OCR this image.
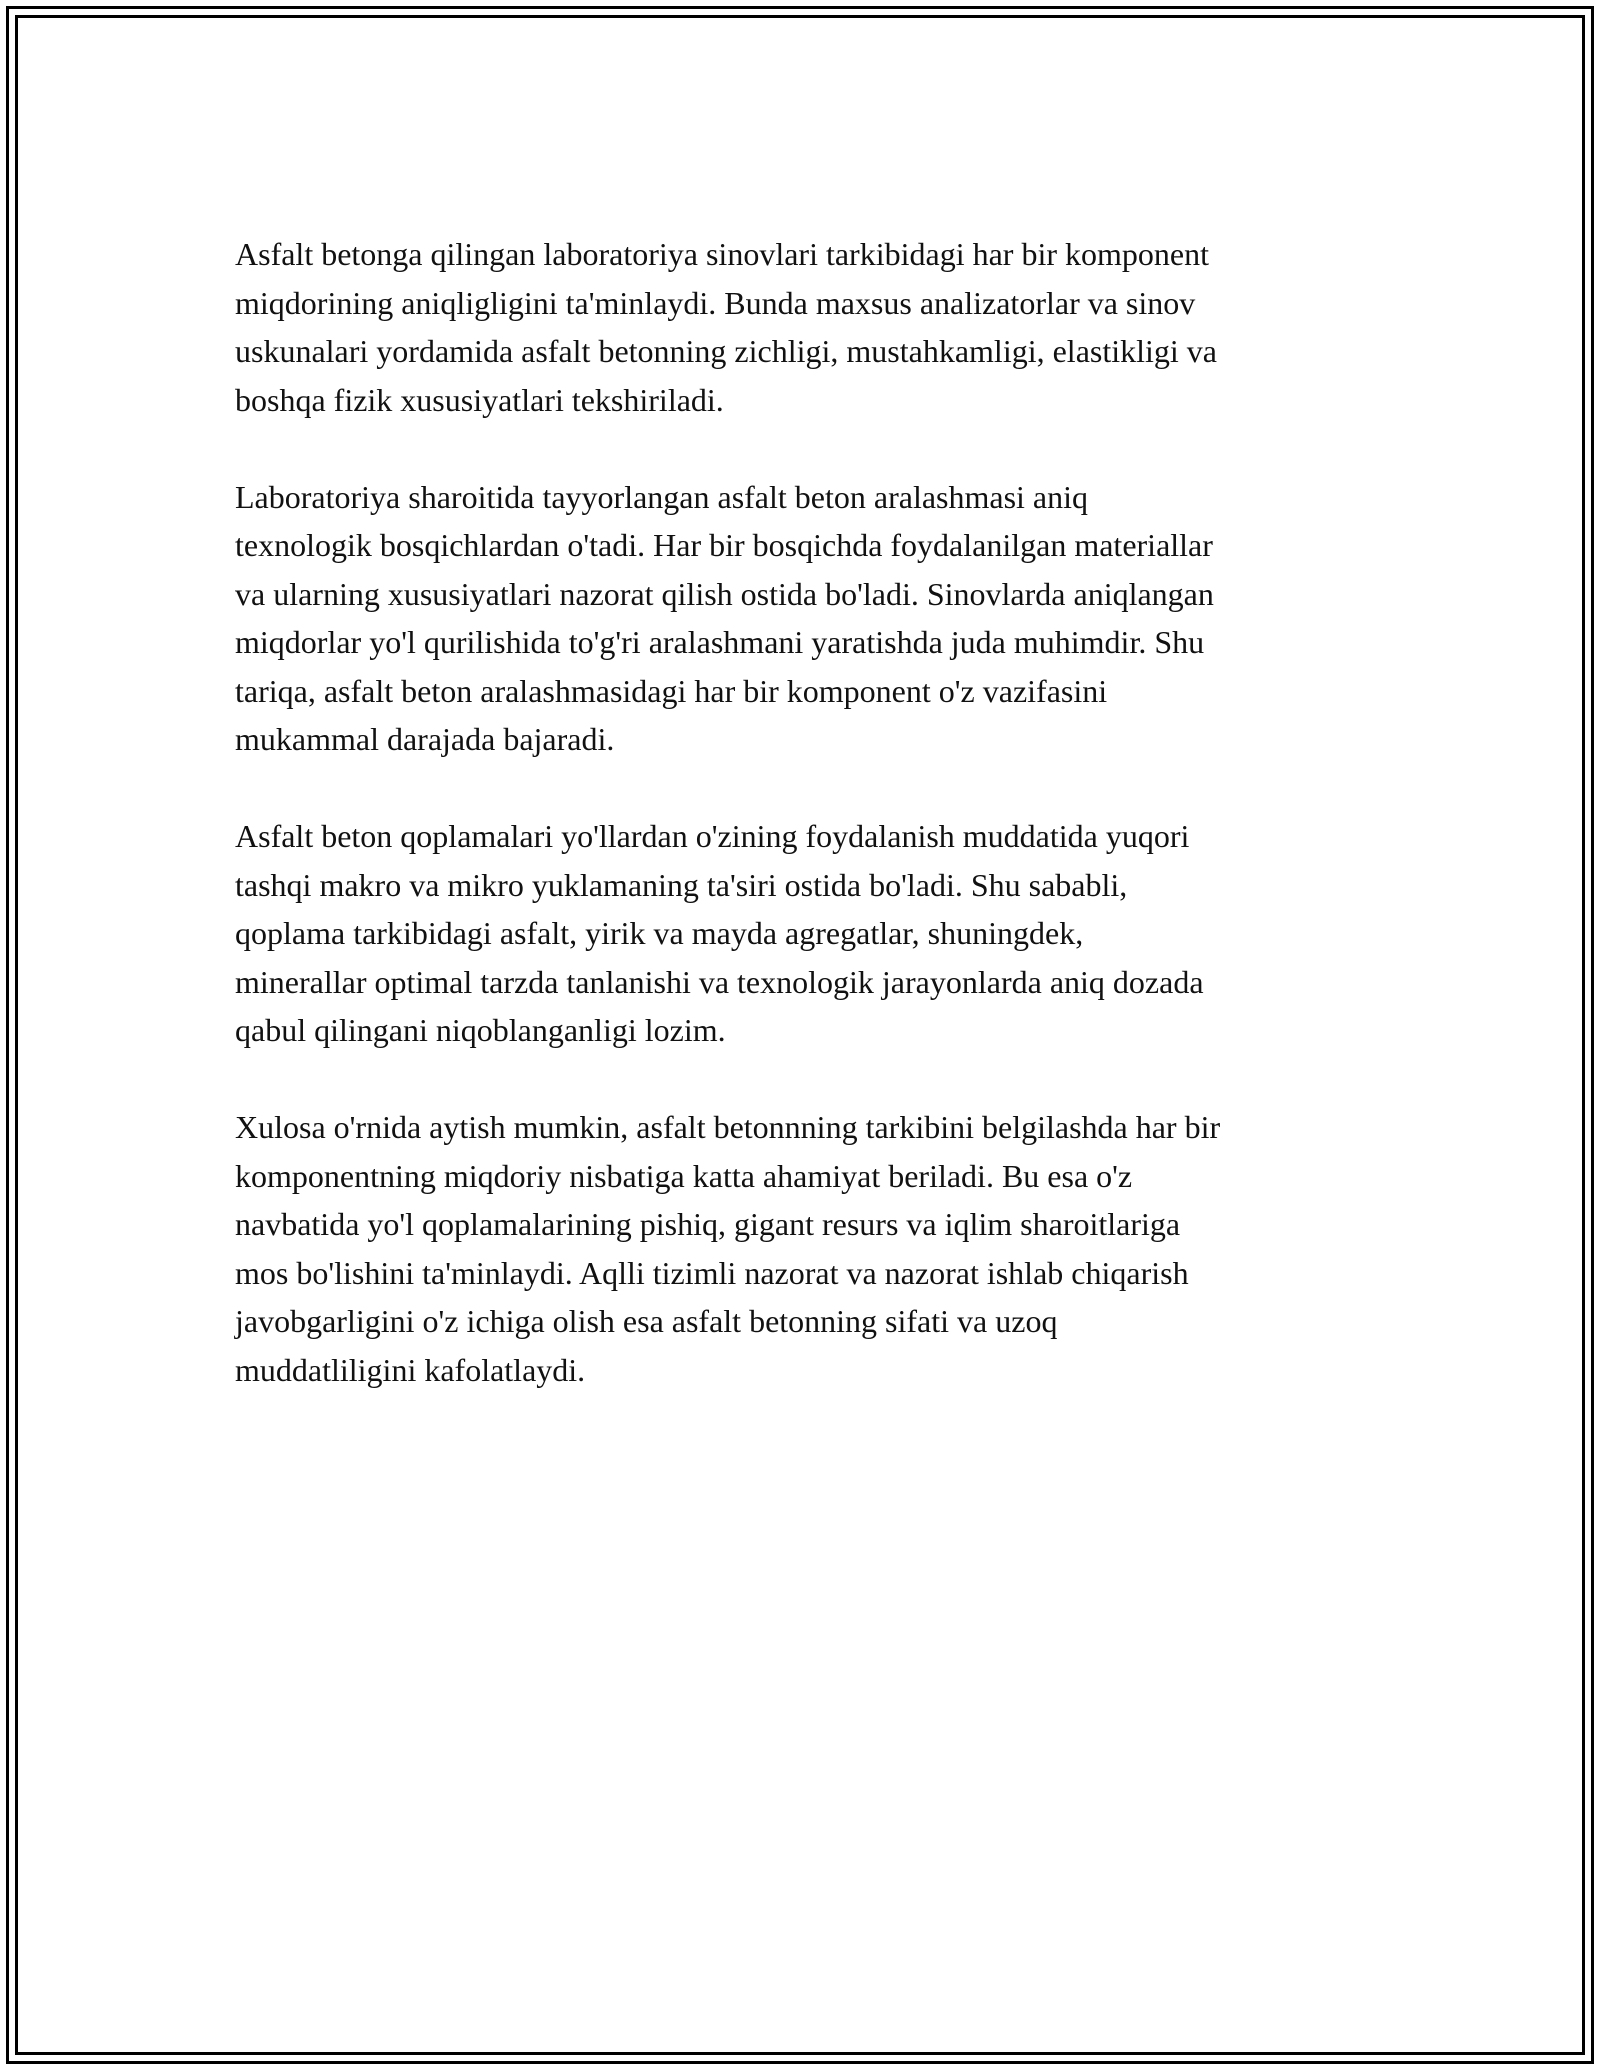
Asfalt betonga qilingan laboratoriya sinovlari tarkibidagi har bir komponent
miqdorining aniqligligini ta'minlaydi. Bunda maxsus analizatorlar va sinov
uskunalari yordamida asfalt betonning zichligi, mustahkamligi, elastikligi va
boshqa fizik xususiyatlari tekshiriladi.

Laboratoriya sharoitida tayyorlangan asfalt beton aralashmasi aniq
texnologik bosqichlardan o'tadi. Har bir bosqichda foydalanilgan materiallar
va ularning xususiyatlari nazorat qilish ostida bo'ladi. Sinovlarda aniqlangan
miqdorlar yo'l qurilishida to'g'ri aralashmani yaratishda juda muhimdir. Shu
tariqa, asfalt beton aralashmasidagi har bir komponent o'z vazifasini
mukammal darajada bajaradi.

Asfalt beton qoplamalari yo'llardan o'zining foydalanish muddatida yuqori
tashqi makro va mikro yuklamaning ta'siri ostida bo'ladi. Shu sababli,
qoplama tarkibidagi asfalt, yirik va mayda agregatlar, shuningdek,
minerallar optimal tarzda tanlanishi va texnologik jarayonlarda aniq dozada
qabul qilingani niqoblanganligi lozim.

Xulosa o'rnida aytish mumkin, asfalt betonnning tarkibini belgilashda har bir
komponentning miqdoriy nisbatiga katta ahamiyat beriladi. Bu esa o'z
navbatida yo'l qoplamalarining pishiq, gigant resurs va iqlim sharoitlariga
mos bo'lishini ta'minlaydi. Aqlli tizimli nazorat va nazorat ishlab chiqarish
javobgarligini o'z ichiga olish esa asfalt betonning sifati va uzoq
muddatliligini kafolatlaydi.
